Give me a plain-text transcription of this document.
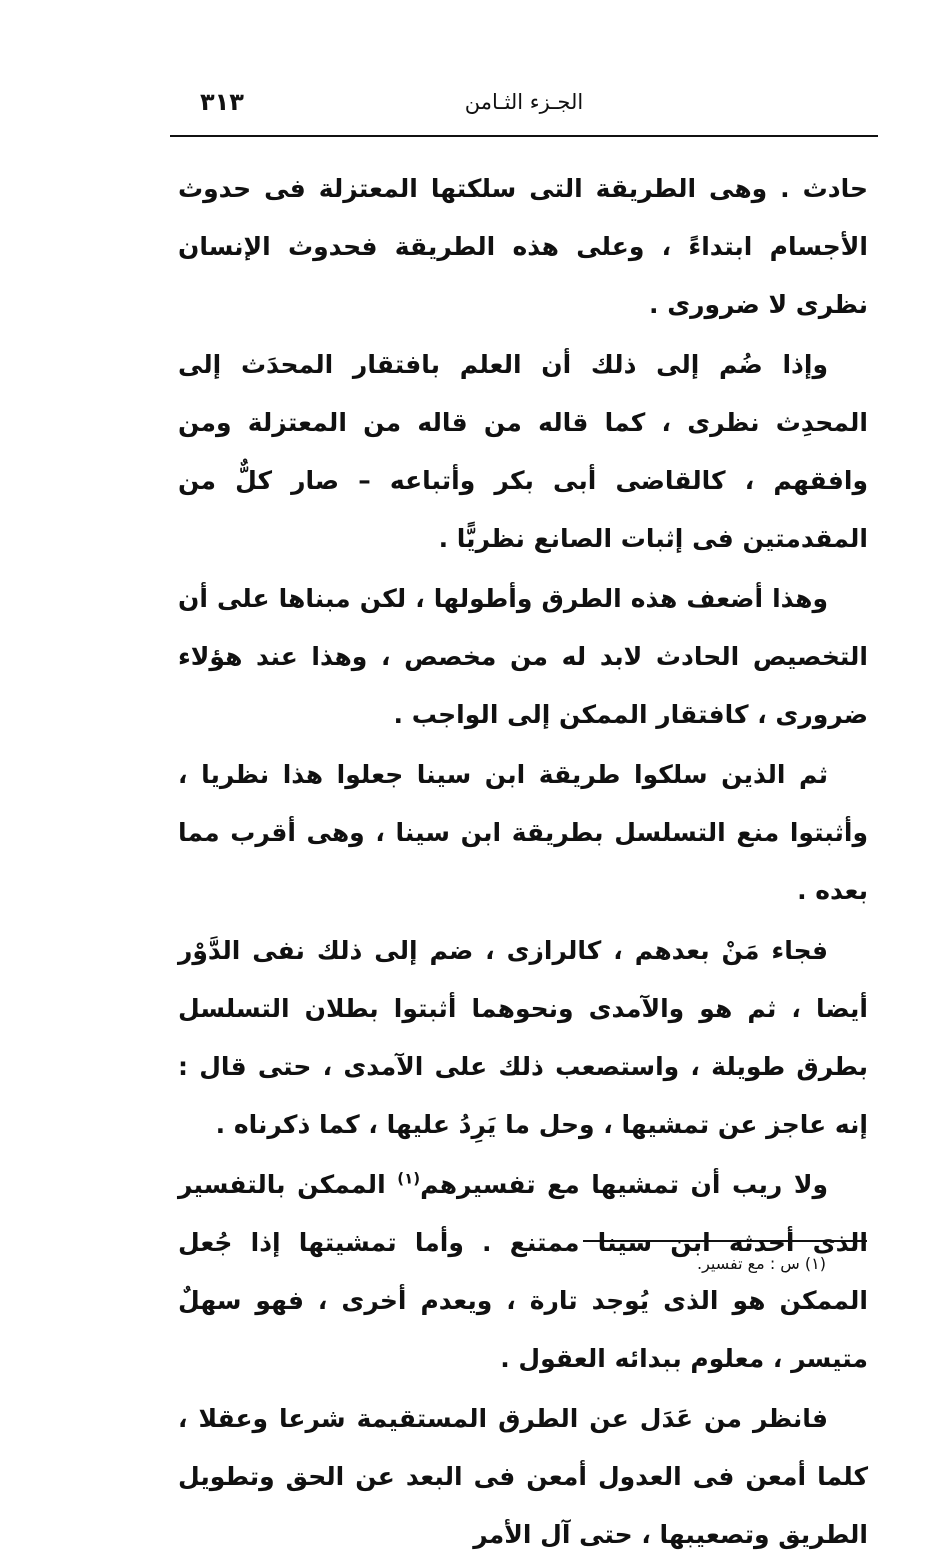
٣١٣	الجـزء الثـامن

حادث . وهى الطريقة التى سلكتها المعتزلة فى حدوث الأجسام ابتداءً ، وعلى هذه الطريقة فحدوث الإنسان نظرى لا ضرورى .

وإذا ضُم إلى ذلك أن العلم بافتقار المحدَث إلى المحدِث نظرى ، كما قاله من قاله من المعتزلة ومن وافقهم ، كالقاضى أبى بكر وأتباعه – صار كلٌّ من المقدمتين فى إثبات الصانع نظريًّا .

وهذا أضعف هذه الطرق وأطولها ، لكن مبناها على أن التخصيص الحادث لابد له من مخصص ، وهذا عند هؤلاء ضرورى ، كافتقار الممكن إلى الواجب .

ثم الذين سلكوا طريقة ابن سينا جعلوا هذا نظريا ، وأثبتوا منع التسلسل بطريقة ابن سينا ، وهى أقرب مما بعده .

فجاء مَنْ بعدهم ، كالرازى ، ضم إلى ذلك نفى الدَّوْر أيضا ، ثم هو والآمدى ونحوهما أثبتوا بطلان التسلسل بطرق طويلة ، واستصعب ذلك على الآمدى ، حتى قال : إنه عاجز عن تمشيها ، وحل ما يَرِدُ عليها ، كما ذكرناه .

ولا ريب أن تمشيها مع تفسيرهم$^{(١)}$ الممكن بالتفسير الذى أحدثه ابن سينا ممتنع . وأما تمشيتها إذا جُعل الممكن هو الذى يُوجد تارة ، ويعدم أخرى ، فهو سهلٌ متيسر ، معلوم ببدائه العقول .

فانظر من عَدَل عن الطرق المستقيمة شرعا وعقلا ، كلما أمعن فى العدول أمعن فى البعد عن الحق وتطويل الطريق وتصعيبها ، حتى آل الأمر

(١) س : مع تفسير.
